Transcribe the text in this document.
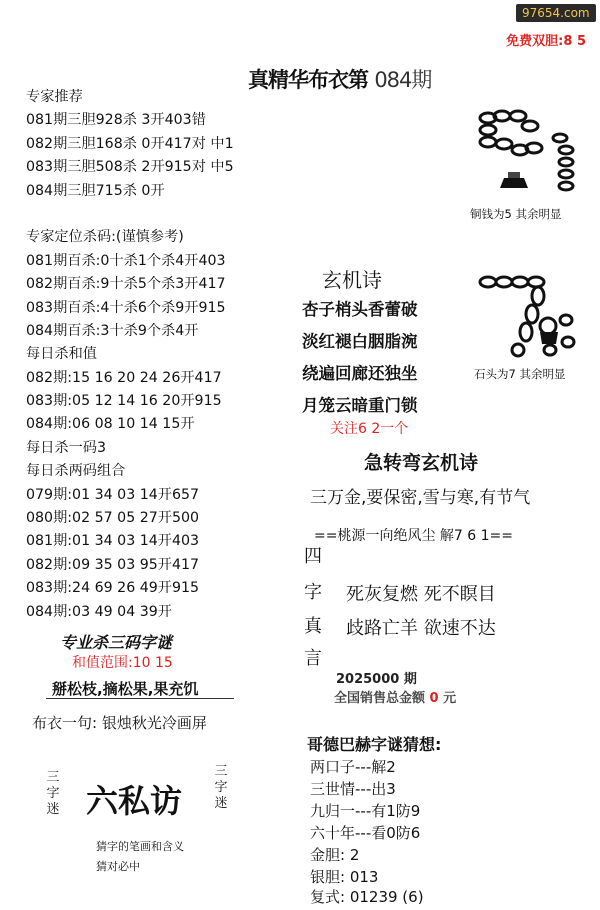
97654.com
免费双胆:8 5
真精华布衣第 084期
专家推荐
081期三胆928杀 3开403错
082期三胆168杀 0开417对 中1
083期三胆508杀 2开915对 中5
084期三胆715杀 0开
专家定位杀码:(谨慎参考)
081期百杀:0十杀1个杀4开403
082期百杀:9十杀5个杀3开417
083期百杀:4十杀6个杀9开915
084期百杀:3十杀9个杀4开
每日杀和值
082期:15 16 20 24 26开417
083期:05 12 14 16 20开915
084期:06 08 10 14 15开
每日杀一码3
每日杀两码组合
079期:01 34 03 14开657
080期:02 57 05 27开500
081期:01 34 03 14开403
082期:09 35 03 95开417
083期:24 69 26 49开915
084期:03 49 04 39开
专业杀三码字谜
和值范围:10 15
掰松枝,摘松果,果充饥
布衣一句: 银烛秋光冷画屏
三字迷 六私访
三字迷
猜字的笔画和含义
猜对必中
铜钱为5 其余明显
石头为7 其余明显
玄机诗
杏子梢头香蕾破
淡红褪白胭脂涴
绕遍回廊还独坐
月笼云暗重门锁
关注6 2一个
急转弯玄机诗
三万金,要保密,雪与寒,有节气
==桃源一向绝风尘 解7 6 1==
四
字
真
言
死灰复燃 死不瞑目
歧路亡羊 欲速不达
2025000 期
全国销售总金额 0 元
哥德巴赫字谜猜想:
两口子---解2
三世情---出3
九归一---有1防9
六十年---看0防6
金胆: 2
银胆: 013
复式: 01239 (6)
